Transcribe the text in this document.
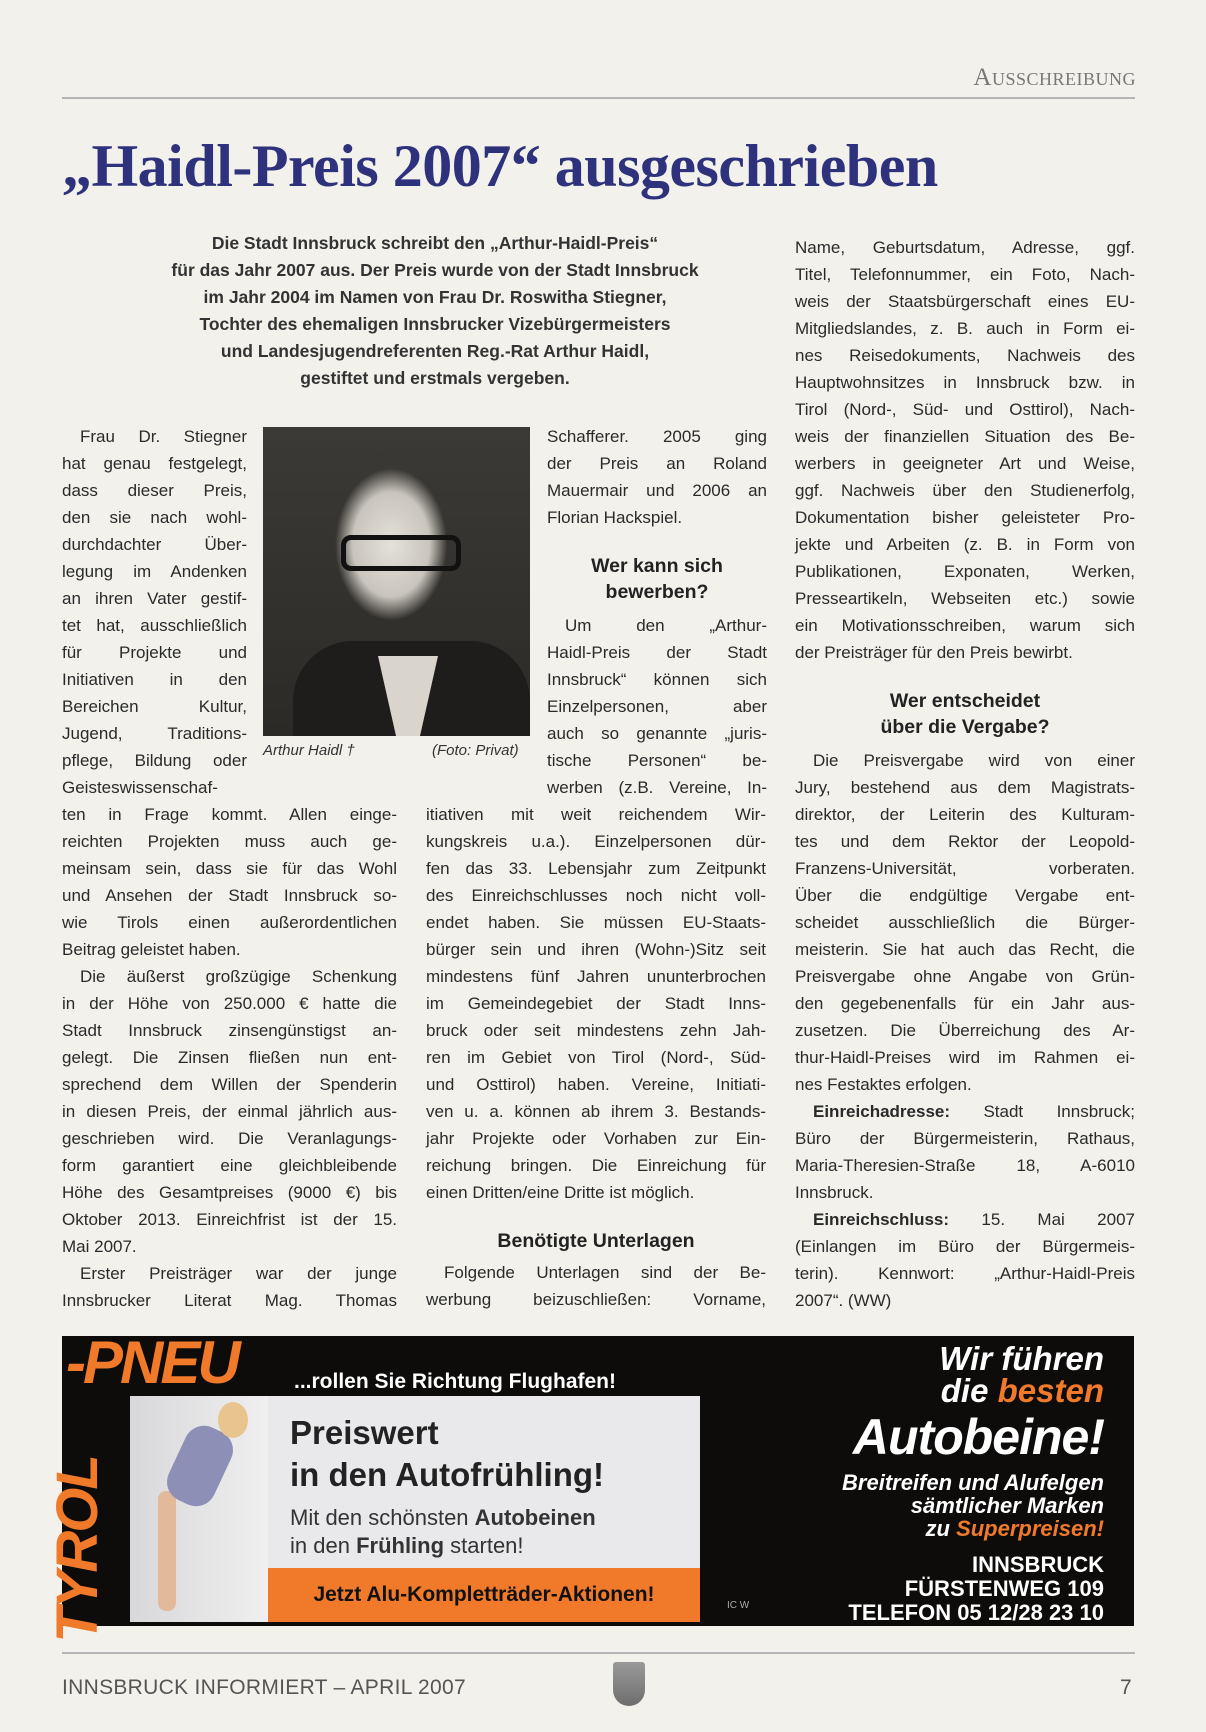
Ausschreibung
„Haidl-Preis 2007“ ausgeschrieben
Die Stadt Innsbruck schreibt den „Arthur-Haidl-Preis“
für das Jahr 2007 aus. Der Preis wurde von der Stadt Innsbruck
im Jahr 2004 im Namen von Frau Dr. Roswitha Stiegner,
Tochter des ehemaligen Innsbrucker Vizebürgermeisters
und Landesjugendreferenten Reg.-Rat Arthur Haidl,
gestiftet und erstmals vergeben.
Arthur Haidl †	(Foto: Privat)
Frau Dr. Stiegner
hat genau festgelegt,
dass dieser Preis,
den sie nach wohl-
durchdachter Über-
legung im Andenken
an ihren Vater gestif-
tet hat, ausschließlich
für Projekte und
Initiativen in den
Bereichen Kultur,
Jugend, Traditions-
pflege, Bildung oder
Geisteswissenschaf-
ten in Frage kommt. Allen einge-
reichten Projekten muss auch ge-
meinsam sein, dass sie für das Wohl
und Ansehen der Stadt Innsbruck so-
wie Tirols einen außerordentlichen
Beitrag geleistet haben.
Die äußerst großzügige Schenkung
in der Höhe von 250.000 € hatte die
Stadt Innsbruck zinsengünstigst an-
gelegt. Die Zinsen fließen nun ent-
sprechend dem Willen der Spenderin
in diesen Preis, der einmal jährlich aus-
geschrieben wird. Die Veranlagungs-
form garantiert eine gleichbleibende
Höhe des Gesamtpreises (9000 €) bis
Oktober 2013. Einreichfrist ist der 15.
Mai 2007.
Erster Preisträger war der junge
Innsbrucker Literat Mag. Thomas
Schafferer. 2005 ging
der Preis an Roland
Mauermair und 2006 an
Florian Hackspiel.
Um den „Arthur-
Haidl-Preis der Stadt
Innsbruck“ können sich
Einzelpersonen, aber
auch so genannte „juris-
tische Personen“ be-
werben (z.B. Vereine, In-
itiativen mit weit reichendem Wir-
kungskreis u.a.). Einzelpersonen dür-
fen das 33. Lebensjahr zum Zeitpunkt
des Einreichschlusses noch nicht voll-
endet haben. Sie müssen EU-Staats-
bürger sein und ihren (Wohn-)Sitz seit
mindestens fünf Jahren ununterbrochen
im Gemeindegebiet der Stadt Inns-
bruck oder seit mindestens zehn Jah-
ren im Gebiet von Tirol (Nord-, Süd-
und Osttirol) haben. Vereine, Initiati-
ven u. a. können ab ihrem 3. Bestands-
jahr Projekte oder Vorhaben zur Ein-
reichung bringen. Die Einreichung für
einen Dritten/eine Dritte ist möglich.
Folgende Unterlagen sind der Be-
werbung beizuschließen: Vorname,
Name, Geburtsdatum, Adresse, ggf.
Titel, Telefonnummer, ein Foto, Nach-
weis der Staatsbürgerschaft eines EU-
Mitgliedslandes, z. B. auch in Form ei-
nes Reisedokuments, Nachweis des
Hauptwohnsitzes in Innsbruck bzw. in
Tirol (Nord-, Süd- und Osttirol), Nach-
weis der finanziellen Situation des Be-
werbers in geeigneter Art und Weise,
ggf. Nachweis über den Studienerfolg,
Dokumentation bisher geleisteter Pro-
jekte und Arbeiten (z. B. in Form von
Publikationen, Exponaten, Werken,
Presseartikeln, Webseiten etc.) sowie
ein Motivationsschreiben, warum sich
der Preisträger für den Preis bewirbt.
Die Preisvergabe wird von einer
Jury, bestehend aus dem Magistrats-
direktor, der Leiterin des Kulturam-
tes und dem Rektor der Leopold-
Franzens-Universität, vorberaten.
Über die endgültige Vergabe ent-
scheidet ausschließlich die Bürger-
meisterin. Sie hat auch das Recht, die
Preisvergabe ohne Angabe von Grün-
den gegebenenfalls für ein Jahr aus-
zusetzen. Die Überreichung des Ar-
thur-Haidl-Preises wird im Rahmen ei-
nes Festaktes erfolgen.
Einreichadresse: Stadt Innsbruck;
Büro der Bürgermeisterin, Rathaus,
Maria-Theresien-Straße 18, A-6010
Innsbruck.
Einreichschluss: 15. Mai 2007
(Einlangen im Büro der Bürgermeis-
terin). Kennwort: „Arthur-Haidl-Preis
2007“. (WW)
Wer kann sich
bewerben?
Benötigte Unterlagen
Wer entscheidet
über die Vergabe?
TYROL
-PNEU	...rollen Sie Richtung Flughafen!
Preiswert
in den Autofrühling!
Mit den schönsten Autobeinen
in den Frühling starten!
Jetzt Alu-Kompletträder-Aktionen!	IC W
Wir führen
die besten
Autobeine!
Breitreifen und Alufelgen
sämtlicher Marken
zu Superpreisen!
INNSBRUCK
FÜRSTENWEG 109
TELEFON 05 12/28 23 10
INNSBRUCK INFORMIERT – APRIL 2007	7
